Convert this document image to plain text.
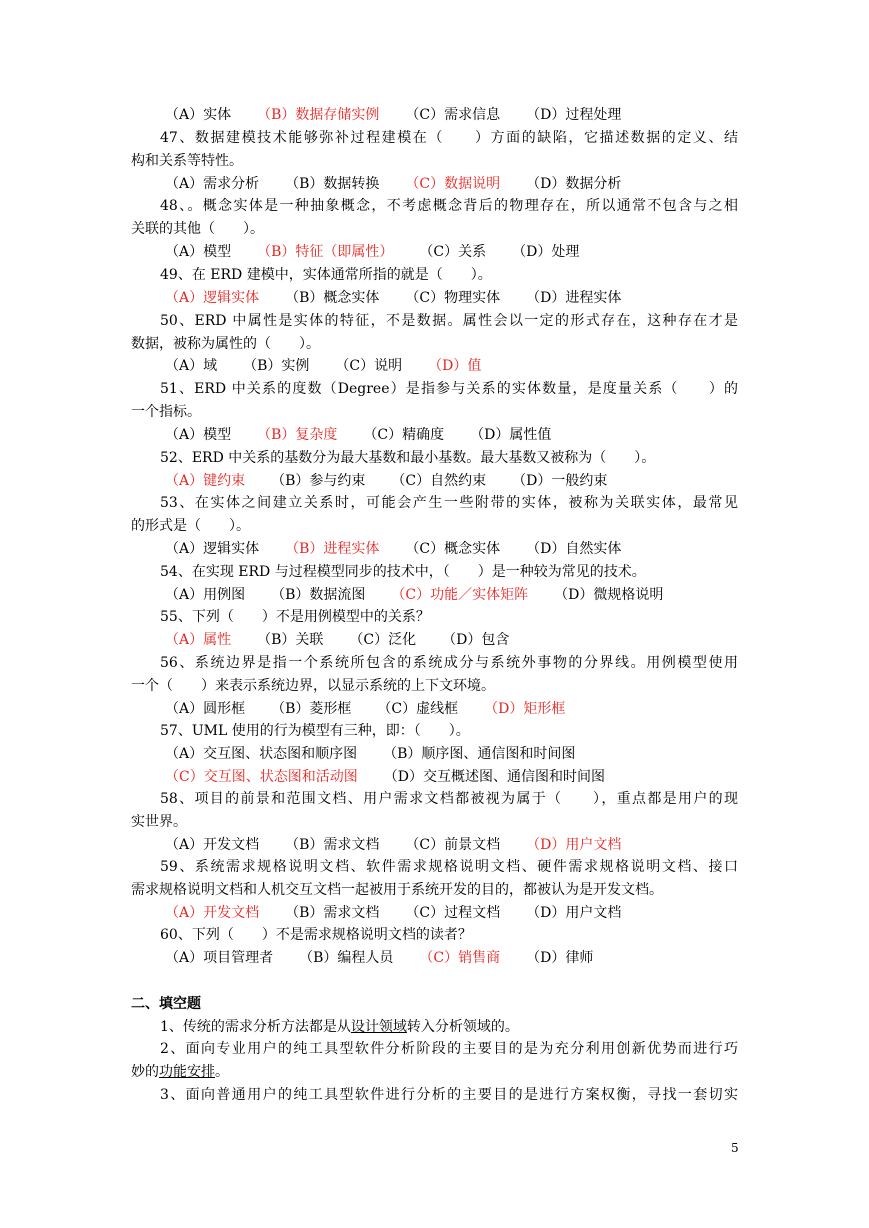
（A）实体 （B）数据存储实例 （C）需求信息 （D）过程处理
47、数据建模技术能够弥补过程建模在（　　）方面的缺陷，它描述数据的定义、结
构和关系等特性。
（A）需求分析 （B）数据转换 （C）数据说明 （D）数据分析
48、。概念实体是一种抽象概念，不考虑概念背后的物理存在，所以通常不包含与之相
关联的其他（　　）。
（A）模型 （B）特征（即属性） （C）关系 （D）处理
49、在 ERD 建模中，实体通常所指的就是（　　）。
（A）逻辑实体 （B）概念实体 （C）物理实体 （D）进程实体
50、ERD 中属性是实体的特征，不是数据。属性会以一定的形式存在，这种存在才是
数据，被称为属性的（　　）。
（A）域 （B）实例 （C）说明 （D）值
51、ERD 中关系的度数（Degree）是指参与关系的实体数量，是度量关系（　　）的
一个指标。
（A）模型 （B）复杂度 （C）精确度 （D）属性值
52、ERD 中关系的基数分为最大基数和最小基数。最大基数又被称为（　　）。
（A）键约束 （B）参与约束 （C）自然约束 （D）一般约束
53、在实体之间建立关系时，可能会产生一些附带的实体，被称为关联实体，最常见
的形式是（　　）。
（A）逻辑实体 （B）进程实体 （C）概念实体 （D）自然实体
54、在实现 ERD 与过程模型同步的技术中，（　　）是一种较为常见的技术。
（A）用例图 （B）数据流图 （C）功能／实体矩阵 （D）微规格说明
55、下列（　　）不是用例模型中的关系？
（A）属性 （B）关联 （C）泛化 （D）包含
56、系统边界是指一个系统所包含的系统成分与系统外事物的分界线。用例模型使用
一个（　　）来表示系统边界，以显示系统的上下文环境。
（A）圆形框 （B）菱形框 （C）虚线框 （D）矩形框
57、UML 使用的行为模型有三种，即：（　　）。
（A）交互图、状态图和顺序图 （B）顺序图、通信图和时间图
（C）交互图、状态图和活动图 （D）交互概述图、通信图和时间图
58、项目的前景和范围文档、用户需求文档都被视为属于（　　），重点都是用户的现
实世界。
（A）开发文档 （B）需求文档 （C）前景文档 （D）用户文档
59、系统需求规格说明文档、软件需求规格说明文档、硬件需求规格说明文档、接口
需求规格说明文档和人机交互文档一起被用于系统开发的目的，都被认为是开发文档。
（A）开发文档 （B）需求文档 （C）过程文档 （D）用户文档
60、下列（　　）不是需求规格说明文档的读者？
（A）项目管理者 （B）编程人员 （C）销售商 （D）律师
二、填空题
1、传统的需求分析方法都是从设计领域转入分析领域的。
2、面向专业用户的纯工具型软件分析阶段的主要目的是为充分利用创新优势而进行巧
妙的功能安排。
3、面向普通用户的纯工具型软件进行分析的主要目的是进行方案权衡，寻找一套切实
5
